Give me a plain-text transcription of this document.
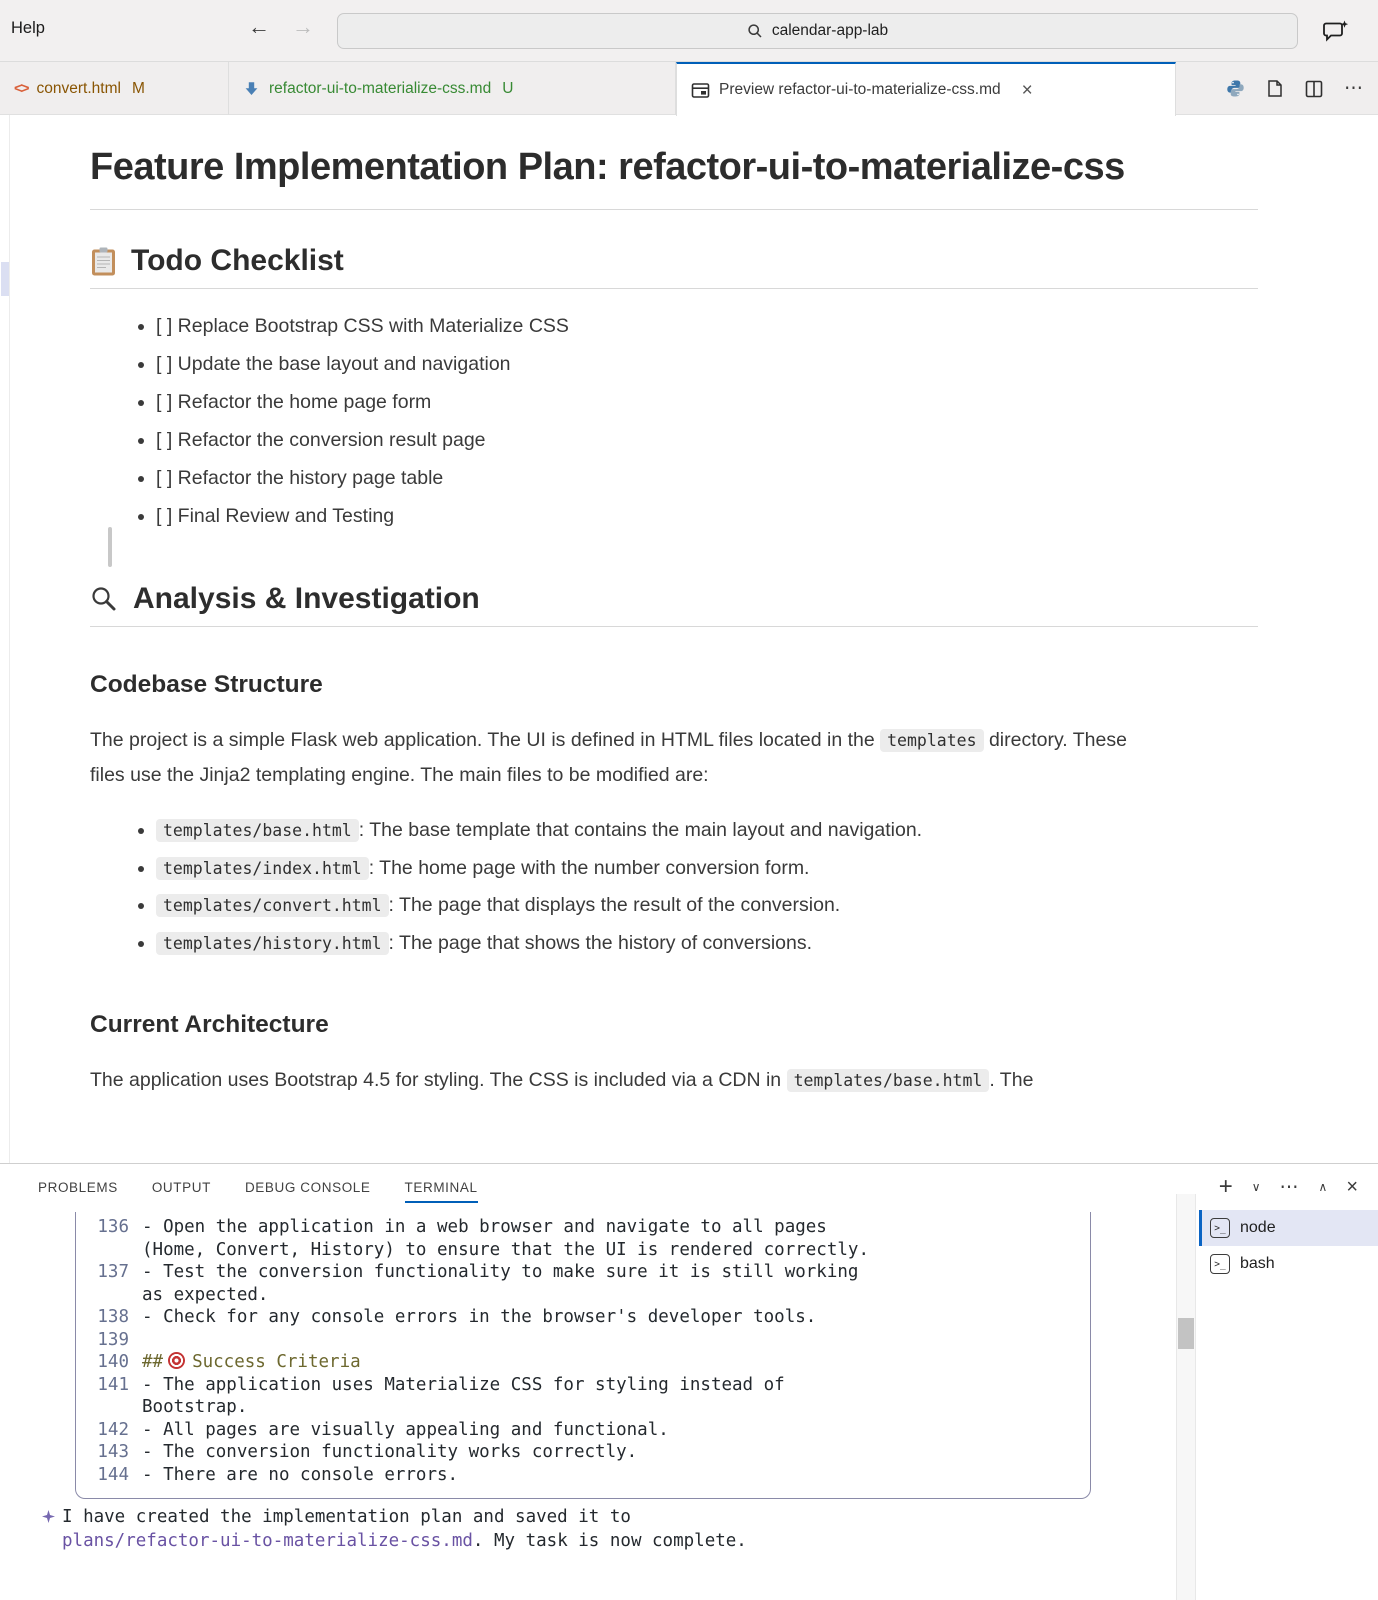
Help	← →	calendar-app-lab
<> convert.html M	refactor-ui-to-materialize-css.md U	Preview refactor-ui-to-materialize-css.md ×	⋯
Feature Implementation Plan: refactor-ui-to-materialize-css
Todo Checklist
• [ ] Replace Bootstrap CSS with Materialize CSS
• [ ] Update the base layout and navigation
• [ ] Refactor the home page form
• [ ] Refactor the conversion result page
• [ ] Refactor the history page table
• [ ] Final Review and Testing
Analysis & Investigation
Codebase Structure

The project is a simple Flask web application. The UI is defined in HTML files located in the templates directory. These files use the Jinja2 templating engine. The main files to be modified are:

• templates/base.html : The base template that contains the main layout and navigation.
• templates/index.html : The home page with the number conversion form.
• templates/convert.html : The page that displays the result of the conversion.
• templates/history.html : The page that shows the history of conversions.
Current Architecture

The application uses Bootstrap 4.5 for styling. The CSS is included via a CDN in templates/base.html . The

PROBLEMS	OUTPUT	DEBUG CONSOLE	TERMINAL	+ ∨ ⋯ ∧ ×
136 - Open the application in a web browser and navigate to all pages
(Home, Convert, History) to ensure that the UI is rendered correctly.
137 - Test the conversion functionality to make sure it is still working
as expected.
138 - Check for any console errors in the browser's developer tools.
139
140 ## Success Criteria
141 - The application uses Materialize CSS for styling instead of
Bootstrap.
142 - All pages are visually appealing and functional.
143 - The conversion functionality works correctly.
144 - There are no console errors.
I have created the implementation plan and saved it to
plans/refactor-ui-to-materialize-css.md. My task is now complete.
>_ node
>_ bash
